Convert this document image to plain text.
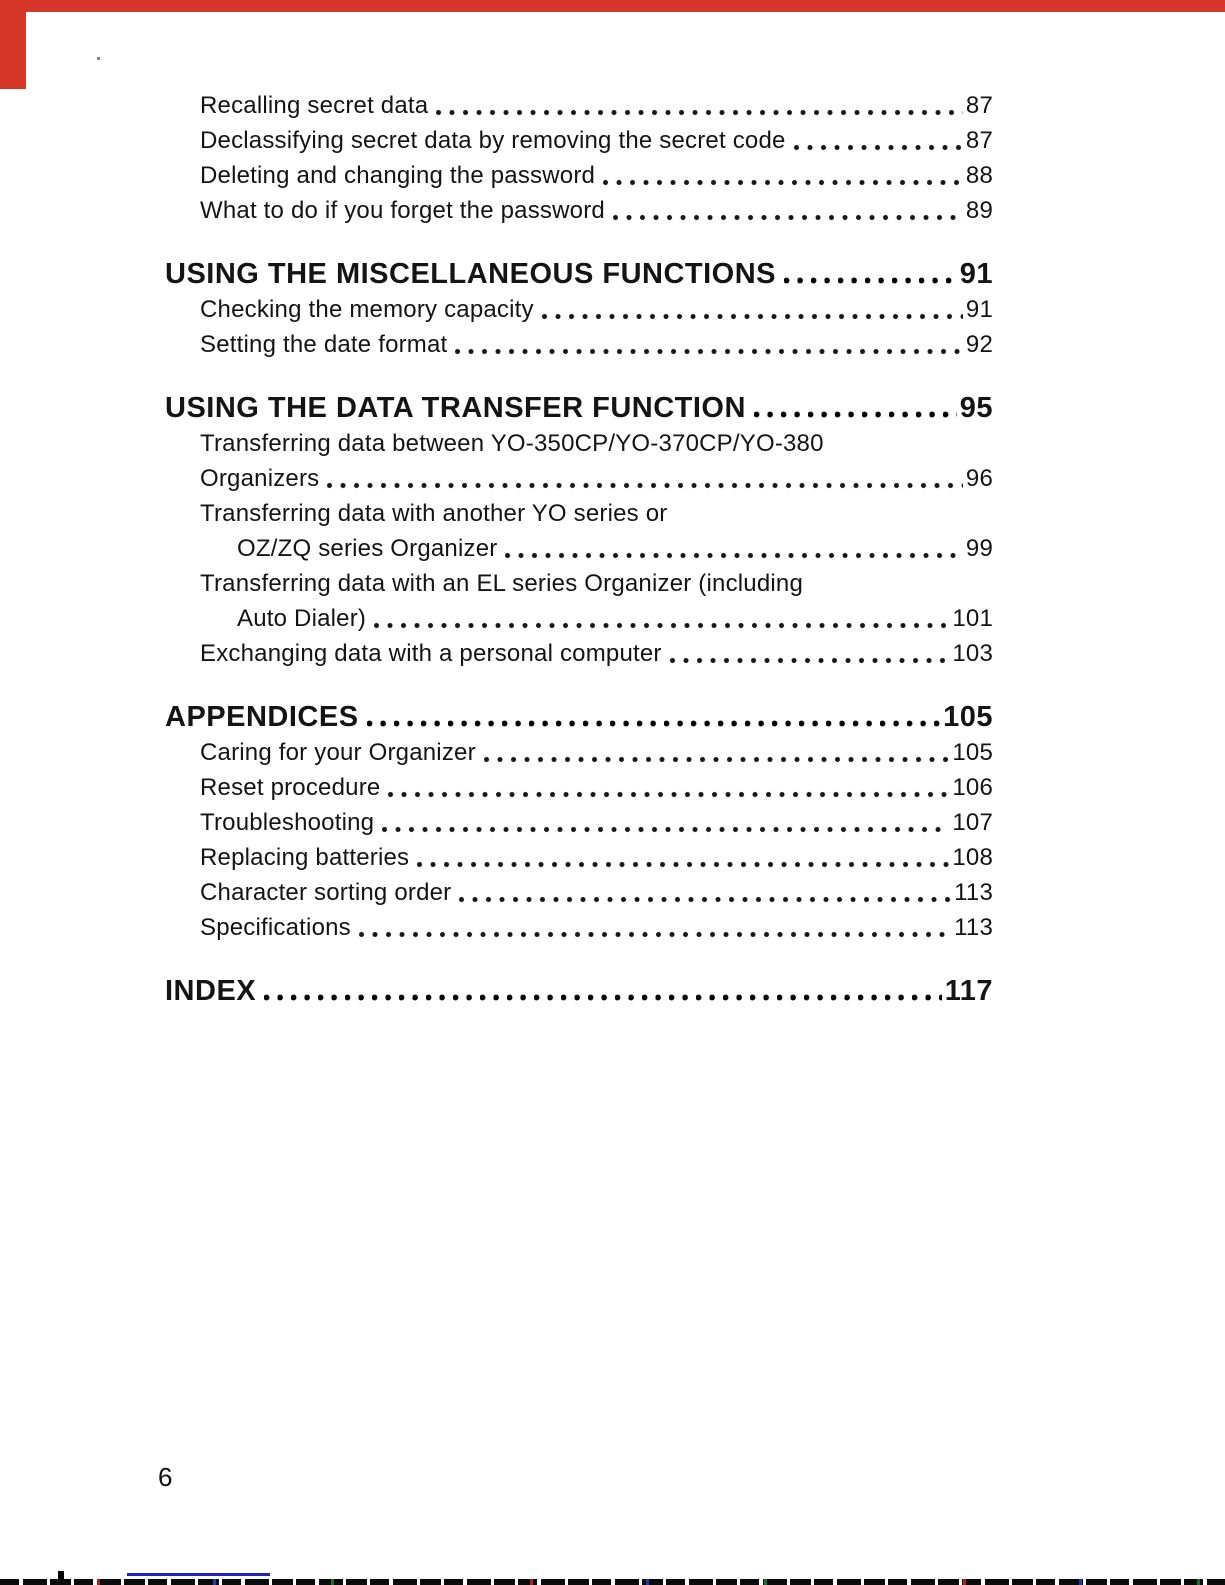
Recalling secret data	87
Declassifying secret data by removing the secret code	87
Deleting and changing the password	88
What to do if you forget the password	89
USING THE MISCELLANEOUS FUNCTIONS	91
Checking the memory capacity	91
Setting the date format	92
USING THE DATA TRANSFER FUNCTION	95
Transferring data between YO-350CP/YO-370CP/YO-380
Organizers	96
Transferring data with another YO series or
OZ/ZQ series Organizer	99
Transferring data with an EL series Organizer (including
Auto Dialer)	101
Exchanging data with a personal computer	103
APPENDICES	105
Caring for your Organizer	105
Reset procedure	106
Troubleshooting	107
Replacing batteries	108
Character sorting order	113
Specifications	113
INDEX	117
6
